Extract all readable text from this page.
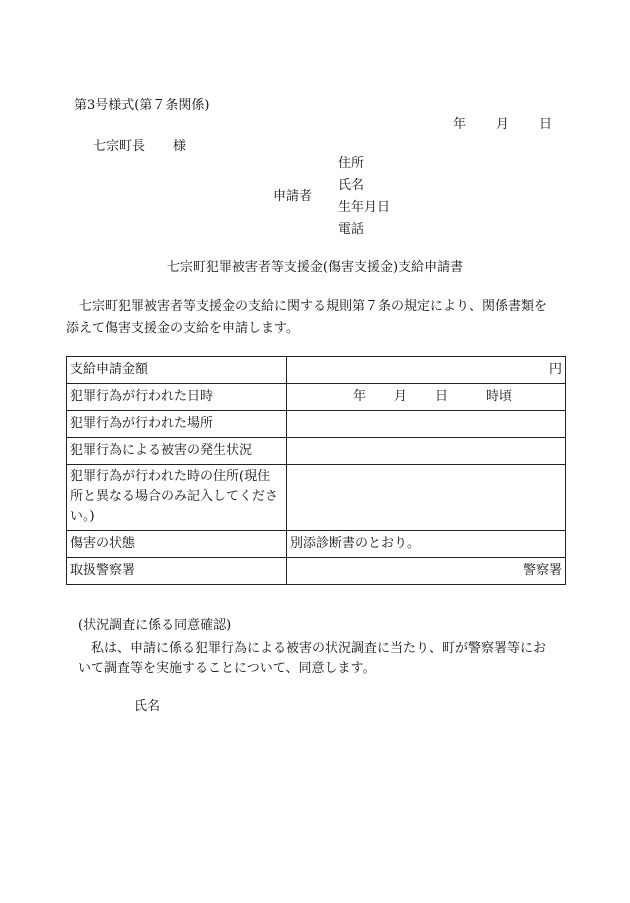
第3号様式(第７条関係)
年 月 日
七宗町長 様
申請者
住所
氏名
生年月日
電話
七宗町犯罪被害者等支援金(傷害支援金)支給申請書

七宗町犯罪被害者等支援金の支給に関する規則第７条の規定により、関係書類を添えて傷害支援金の支給を申請します。

支給申請金額	円
犯罪行為が行われた日時	年 月 日 時頃
犯罪行為が行われた場所	
犯罪行為による被害の発生状況	
犯罪行為が行われた時の住所(現住所と異なる場合のみ記入してください。)	
傷害の状態	別添診断書のとおり。
取扱警察署	警察署
(状況調査に係る同意確認)

私は、申請に係る犯罪行為による被害の状況調査に当たり、町が警察署等において調査等を実施することについて、同意します。

氏名
